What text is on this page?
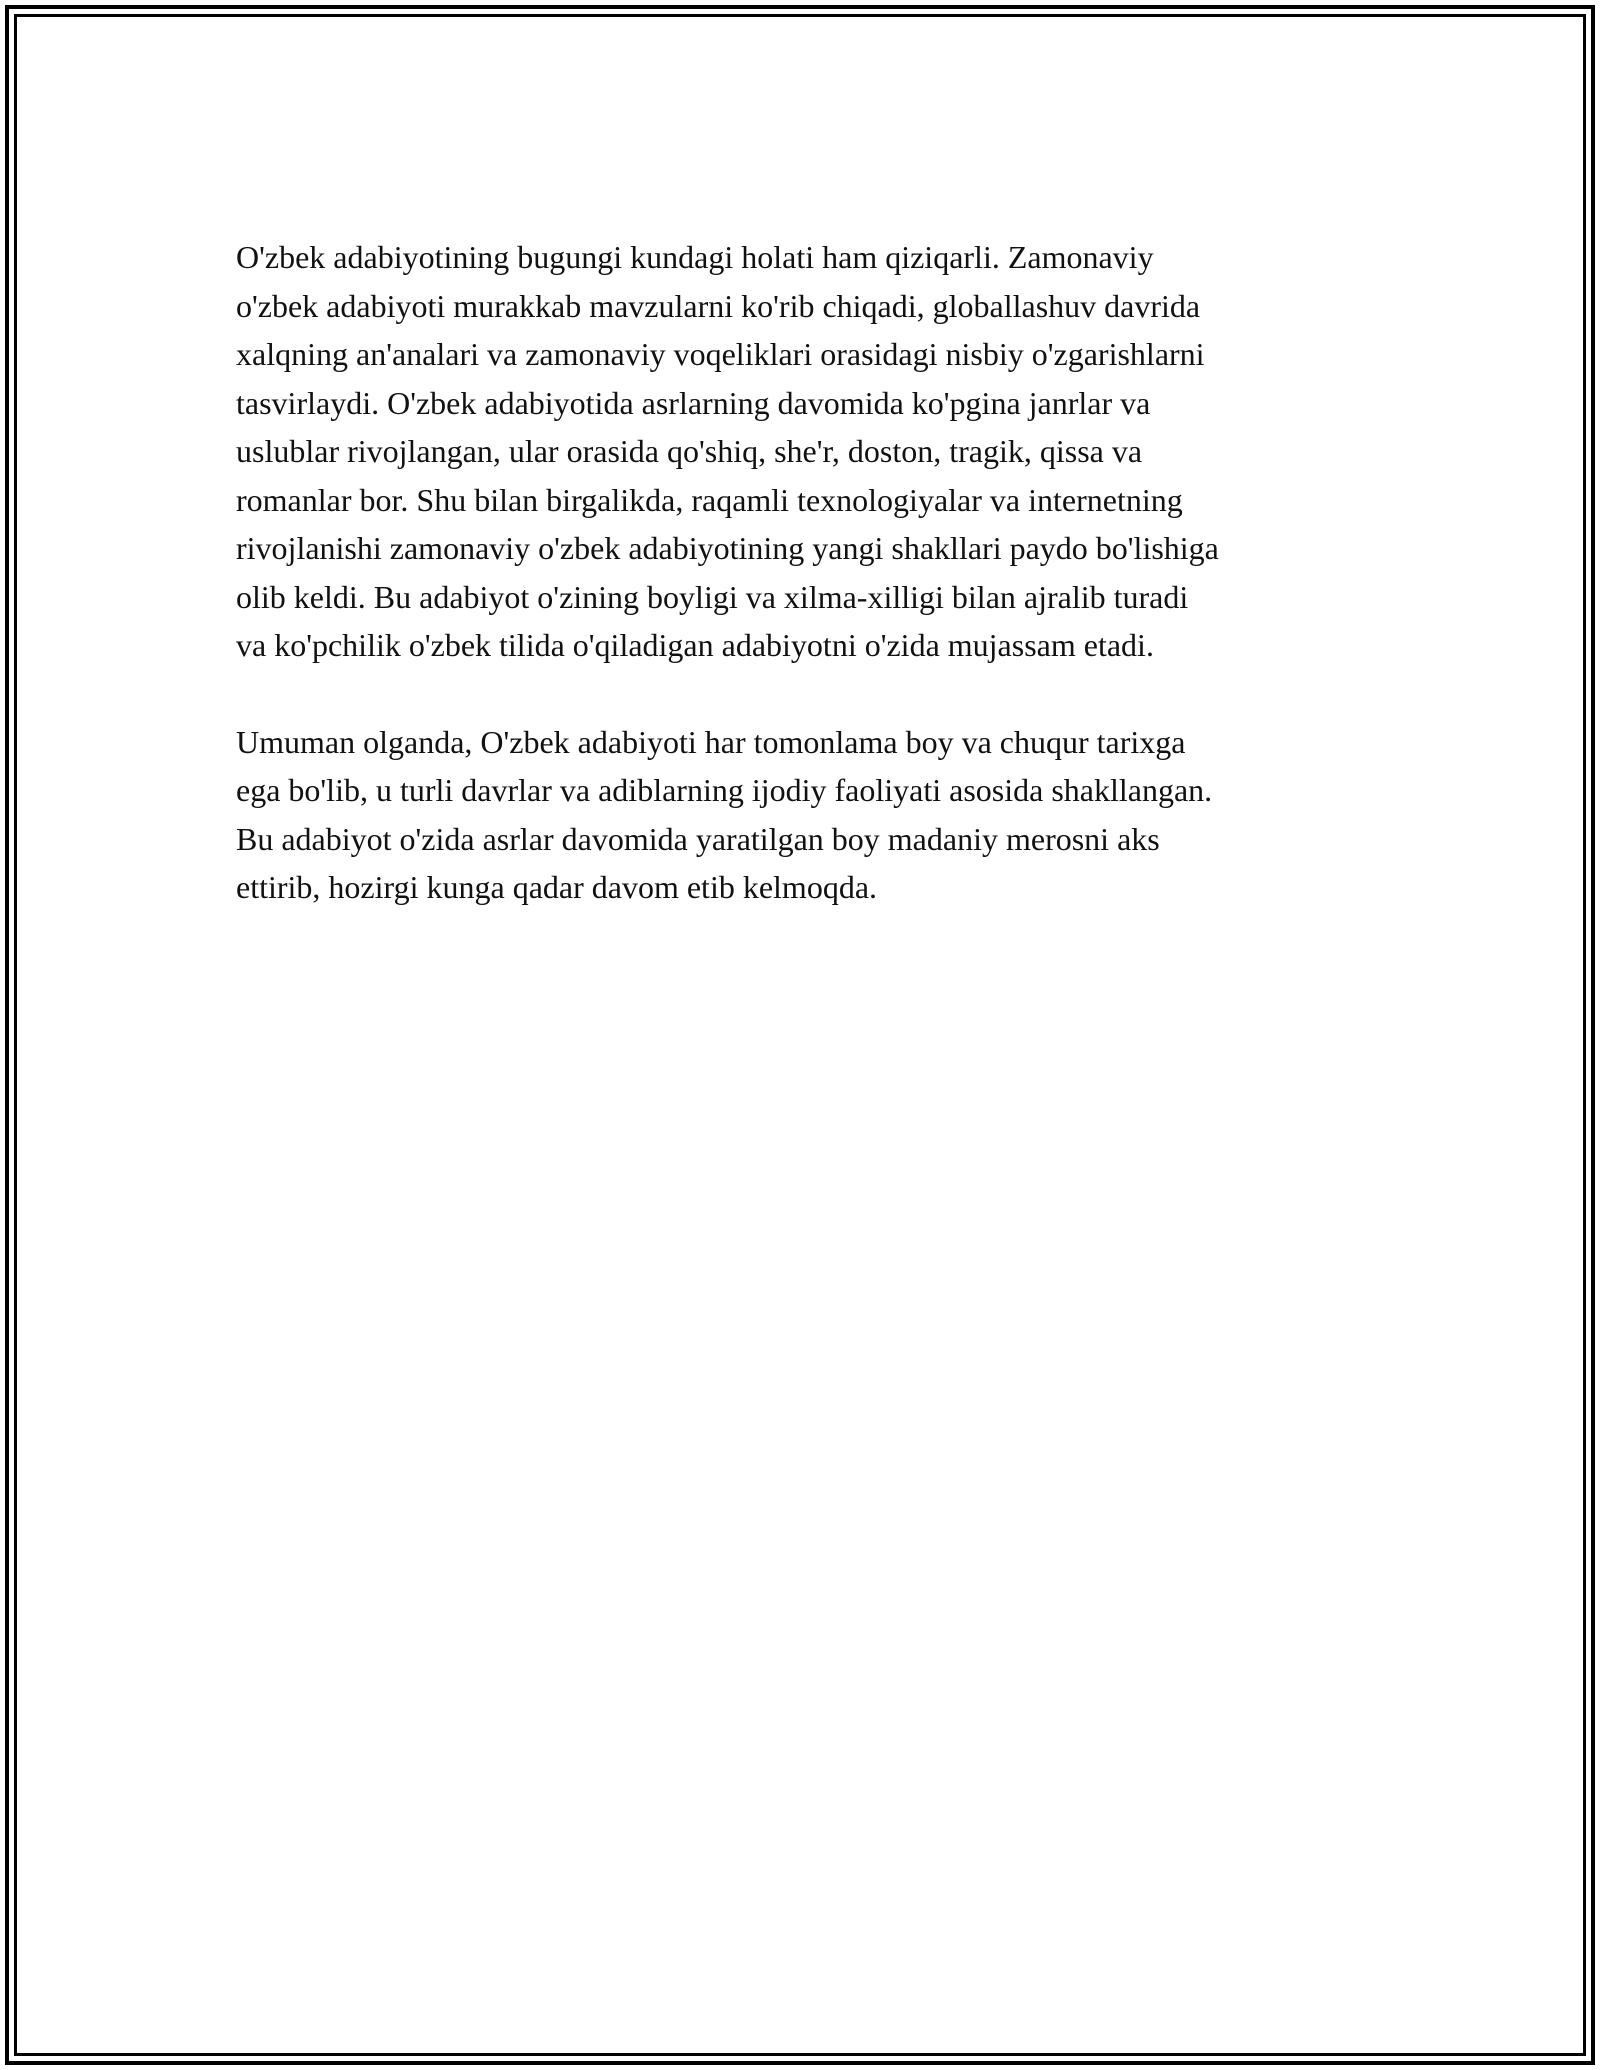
O'zbek adabiyotining bugungi kundagi holati ham qiziqarli. Zamonaviy
o'zbek adabiyoti murakkab mavzularni ko'rib chiqadi, globallashuv davrida
xalqning an'analari va zamonaviy voqeliklari orasidagi nisbiy o'zgarishlarni
tasvirlaydi. O'zbek adabiyotida asrlarning davomida ko'pgina janrlar va
uslublar rivojlangan, ular orasida qo'shiq, she'r, doston, tragik, qissa va
romanlar bor. Shu bilan birgalikda, raqamli texnologiyalar va internetning
rivojlanishi zamonaviy o'zbek adabiyotining yangi shakllari paydo bo'lishiga
olib keldi. Bu adabiyot o'zining boyligi va xilma-xilligi bilan ajralib turadi
va ko'pchilik o'zbek tilida o'qiladigan adabiyotni o'zida mujassam etadi.

Umuman olganda, O'zbek adabiyoti har tomonlama boy va chuqur tarixga
ega bo'lib, u turli davrlar va adiblarning ijodiy faoliyati asosida shakllangan.
Bu adabiyot o'zida asrlar davomida yaratilgan boy madaniy merosni aks
ettirib, hozirgi kunga qadar davom etib kelmoqda.
